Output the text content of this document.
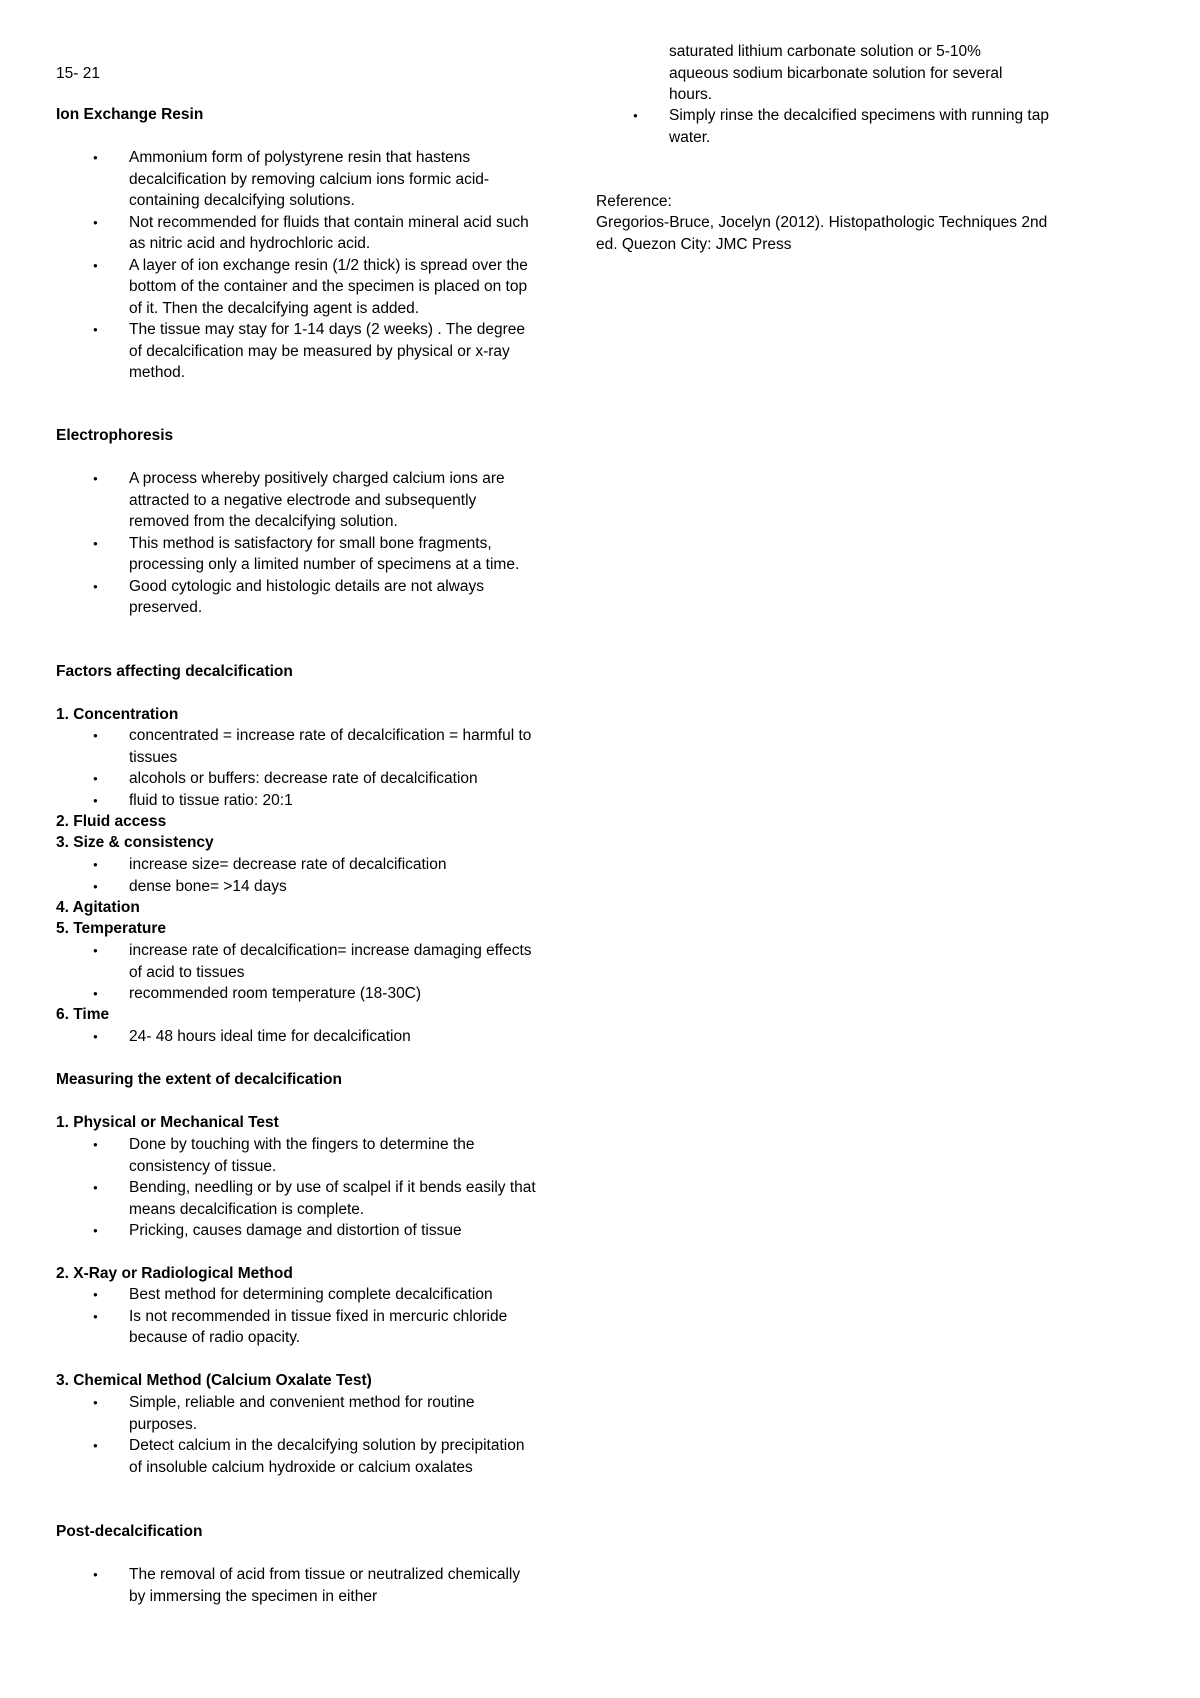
15- 21
Ion Exchange Resin
● Ammonium form of polystyrene resin that hastens decalcification by removing calcium ions formic acid-containing decalcifying solutions.
● Not recommended for fluids that contain mineral acid such as nitric acid and hydrochloric acid.
● A layer of ion exchange resin (1/2 thick) is spread over the bottom of the container and the specimen is placed on top of it. Then the decalcifying agent is added.
● The tissue may stay for 1-14 days (2 weeks) . The degree of decalcification may be measured by physical or x-ray method.
Electrophoresis
● A process whereby positively charged calcium ions are attracted to a negative electrode and subsequently removed from the decalcifying solution.
● This method is satisfactory for small bone fragments, processing only a limited number of specimens at a time.
● Good cytologic and histologic details are not always preserved.
Factors affecting decalcification
1. Concentration
● concentrated = increase rate of decalcification = harmful to tissues
● alcohols or buffers: decrease rate of decalcification
● fluid to tissue ratio: 20:1
2. Fluid access
3. Size & consistency
● increase size= decrease rate of decalcification
● dense bone= >14 days
4. Agitation
5. Temperature
● increase rate of decalcification= increase damaging effects of acid to tissues
● recommended room temperature (18-30C)
6. Time
● 24- 48 hours ideal time for decalcification
Measuring the extent of decalcification
1. Physical or Mechanical Test
● Done by touching with the fingers to determine the consistency of tissue.
● Bending, needling or by use of scalpel if it bends easily that means decalcification is complete.
● Pricking, causes damage and distortion of tissue
2. X-Ray or Radiological Method
● Best method for determining complete decalcification
● Is not recommended in tissue fixed in mercuric chloride because of radio opacity.
3. Chemical Method (Calcium Oxalate Test)
● Simple, reliable and convenient method for routine purposes.
● Detect calcium in the decalcifying solution by precipitation of insoluble calcium hydroxide or calcium oxalates
Post-decalcification
● The removal of acid from tissue or neutralized chemically by immersing the specimen in either
saturated lithium carbonate solution or 5-10% aqueous sodium bicarbonate solution for several hours.
● Simply rinse the decalcified specimens with running tap water.
Reference:
Gregorios-Bruce, Jocelyn (2012). Histopathologic Techniques 2nd ed. Quezon City: JMC Press
